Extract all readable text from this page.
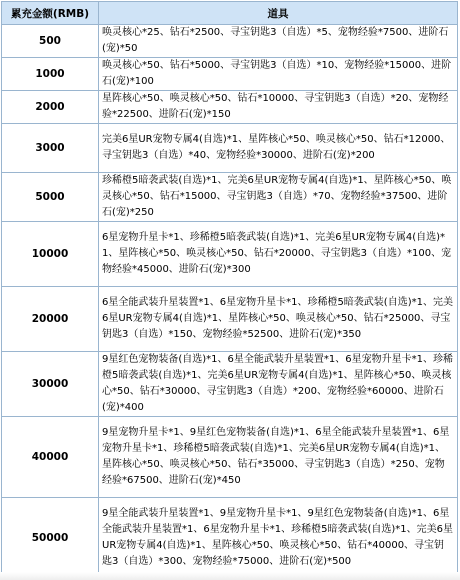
累充金额(RMB)	道具
500	唤灵核心*25、钻石*2500、寻宝钥匙3（自选）*5、宠物经验*7500、进阶石(宠)*50
1000	唤灵核心*50、钻石*5000、寻宝钥匙3（自选）*10、宠物经验*15000、进阶石(宠)*100
2000	星阵核心*50、唤灵核心*50、钻石*10000、寻宝钥匙3（自选）*20、宠物经验*22500、进阶石(宠)*150
3000	完美6星UR宠物专属4(自选)*1、星阵核心*50、唤灵核心*50、钻石*12000、寻宝钥匙3（自选）*40、宠物经验*30000、进阶石(宠)*200
5000	珍稀橙5暗袭武装(自选)*1、完美6星UR宠物专属4(自选)*1、星阵核心*50、唤灵核心*50、钻石*15000、寻宝钥匙3（自选）*70、宠物经验*37500、进阶石(宠)*250
10000	6星宠物升星卡*1、珍稀橙5暗袭武装(自选)*1、完美6星UR宠物专属4(自选)*1、星阵核心*50、唤灵核心*50、钻石*20000、寻宝钥匙3（自选）*100、宠物经验*45000、进阶石(宠)*300
20000	6星全能武装升星装置*1、6星宠物升星卡*1、珍稀橙5暗袭武装(自选)*1、完美6星UR宠物专属4(自选)*1、星阵核心*50、唤灵核心*50、钻石*25000、寻宝钥匙3（自选）*150、宠物经验*52500、进阶石(宠)*350
30000	9星红色宠物装备(自选)*1、6星全能武装升星装置*1、6星宠物升星卡*1、珍稀橙5暗袭武装(自选)*1、完美6星UR宠物专属4(自选)*1、星阵核心*50、唤灵核心*50、钻石*30000、寻宝钥匙3（自选）*200、宠物经验*60000、进阶石(宠)*400
40000	9星宠物升星卡*1、9星红色宠物装备(自选)*1、6星全能武装升星装置*1、6星宠物升星卡*1、珍稀橙5暗袭武装(自选)*1、完美6星UR宠物专属4(自选)*1、星阵核心*50、唤灵核心*50、钻石*35000、寻宝钥匙3（自选）*250、宠物经验*67500、进阶石(宠)*450
50000	9星全能武装升星装置*1、9星宠物升星卡*1、9星红色宠物装备(自选)*1、6星全能武装升星装置*1、6星宠物升星卡*1、珍稀橙5暗袭武装(自选)*1、完美6星UR宠物专属4(自选)*1、星阵核心*50、唤灵核心*50、钻石*40000、寻宝钥匙3（自选）*300、宠物经验*75000、进阶石(宠)*500
